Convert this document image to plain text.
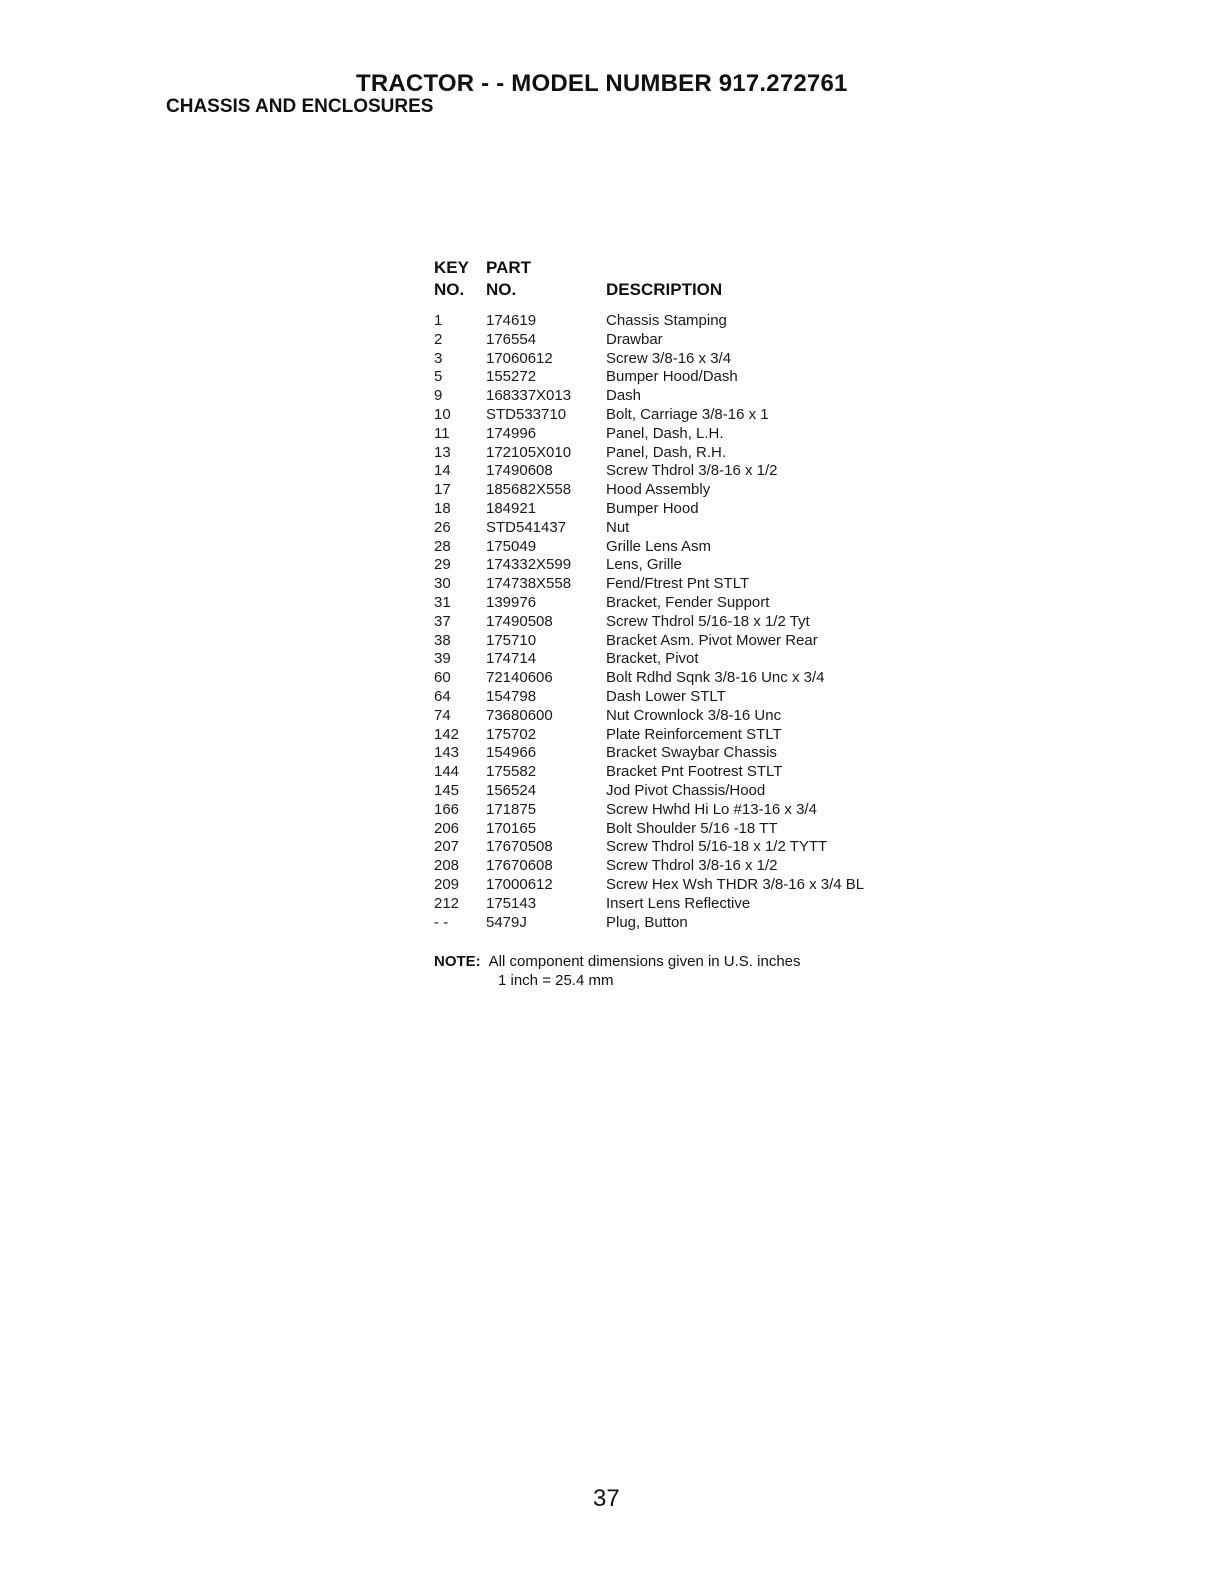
TRACTOR - - MODEL NUMBER 917.272761
CHASSIS AND ENCLOSURES
KEY PART
NO. NO.	DESCRIPTION
1	174619	Chassis Stamping
2	176554	Drawbar
3	17060612	Screw 3/8-16 x 3/4
5	155272	Bumper Hood/Dash
9	168337X013 Dash
10 STD533710	Bolt, Carriage 3/8-16 x 1
11 174996	Panel, Dash, L.H.
13 172105X010 Panel, Dash, R.H.
14 17490608	Screw Thdrol 3/8-16 x 1/2
17 185682X558 Hood Assembly
18 184921	Bumper Hood
26 STD541437	Nut
28 175049	Grille Lens Asm
29 174332X599 Lens, Grille
30 174738X558 Fend/Ftrest Pnt STLT
31 139976	Bracket, Fender Support
37 17490508	Screw Thdrol 5/16-18 x 1/2 Tyt
38 175710	Bracket Asm. Pivot Mower Rear
39 174714	Bracket, Pivot
60 72140606	Bolt Rdhd Sqnk 3/8-16 Unc x 3/4
64 154798	Dash Lower STLT
74 73680600	Nut Crownlock 3/8-16 Unc
142 175702	Plate Reinforcement STLT
143 154966	Bracket Swaybar Chassis
144 175582	Bracket Pnt Footrest STLT
145 156524	Jod Pivot Chassis/Hood
166 171875	Screw Hwhd Hi Lo #13-16 x 3/4
206 170165	Bolt Shoulder 5/16 -18 TT
207 17670508	Screw Thdrol 5/16-18 x 1/2 TYTT
208 17670608	Screw Thdrol 3/8-16 x 1/2
209 17000612	Screw Hex Wsh THDR 3/8-16 x 3/4 BL
212 175143	Insert Lens Reflective
- -	5479J	Plug, Button
NOTE: All component dimensions given in U.S. inches
1 inch = 25.4 mm
37
